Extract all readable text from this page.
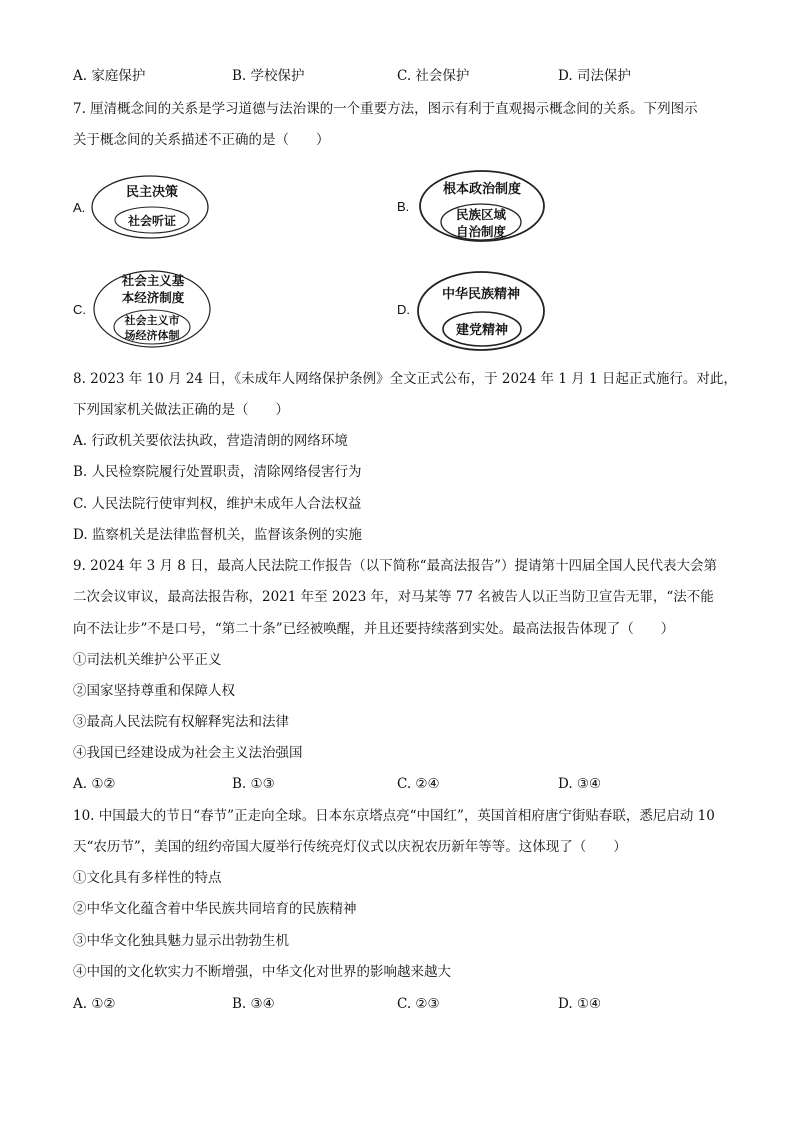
A. 家庭保护	B. 学校保护	C. 社会保护	D. 司法保护
7. 厘清概念间的关系是学习道德与法治课的一个重要方法，图示有利于直观揭示概念间的关系。下列图示
关于概念间的关系描述不正确的是（　　）
A.
民主决策
社会听证
B.
根本政治制度
民族区域
自治制度
C.
社会主义基
本经济制度
社会主义市
场经济体制
D.
中华民族精神
建党精神
8. 2023 年 10 月 24 日，《未成年人网络保护条例》全文正式公布，于 2024 年 1 月 1 日起正式施行。对此，
下列国家机关做法正确的是（　　）
A. 行政机关要依法执政，营造清朗的网络环境
B. 人民检察院履行处置职责，清除网络侵害行为
C. 人民法院行使审判权，维护未成年人合法权益
D. 监察机关是法律监督机关，监督该条例的实施
9. 2024 年 3 月 8 日，最高人民法院工作报告（以下简称“最高法报告”）提请第十四届全国人民代表大会第
二次会议审议，最高法报告称，2021 年至 2023 年，对马某等 77 名被告人以正当防卫宣告无罪，“法不能
向不法让步”不是口号，“第二十条”已经被唤醒，并且还要持续落到实处。最高法报告体现了（　　）
①司法机关维护公平正义
②国家坚持尊重和保障人权
③最高人民法院有权解释宪法和法律
④我国已经建设成为社会主义法治强国
A. ①②	B. ①③	C. ②④	D. ③④
10. 中国最大的节日“春节”正走向全球。日本东京塔点亮“中国红”，英国首相府唐宁街贴春联，悉尼启动 10
天“农历节”，美国的纽约帝国大厦举行传统亮灯仪式以庆祝农历新年等等。这体现了（　　）
①文化具有多样性的特点
②中华文化蕴含着中华民族共同培育的民族精神
③中华文化独具魅力显示出勃勃生机
④中国的文化软实力不断增强，中华文化对世界的影响越来越大
A. ①②	B. ③④	C. ②③	D. ①④
